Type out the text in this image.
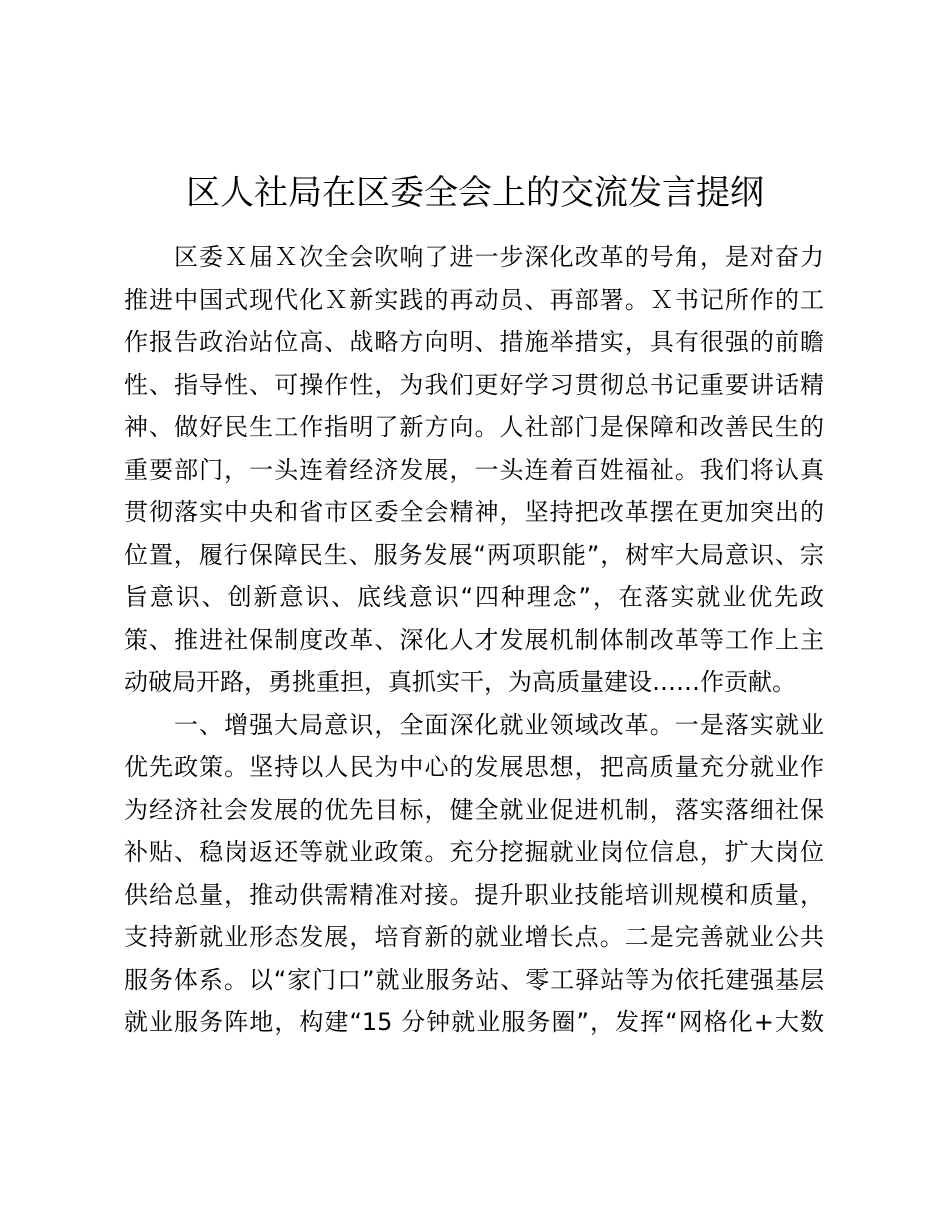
区人社局在区委全会上的交流发言提纲

区委Ｘ届Ｘ次全会吹响了进一步深化改革的号角，是对奋力
推进中国式现代化Ｘ新实践的再动员、再部署。Ｘ书记所作的工
作报告政治站位高、战略方向明、措施举措实，具有很强的前瞻
性、指导性、可操作性，为我们更好学习贯彻总书记重要讲话精
神、做好民生工作指明了新方向。人社部门是保障和改善民生的
重要部门，一头连着经济发展，一头连着百姓福祉。我们将认真
贯彻落实中央和省市区委全会精神，坚持把改革摆在更加突出的
位置，履行保障民生、服务发展“两项职能”，树牢大局意识、宗
旨意识、创新意识、底线意识“四种理念”，在落实就业优先政
策、推进社保制度改革、深化人才发展机制体制改革等工作上主
动破局开路，勇挑重担，真抓实干，为高质量建设……作贡献。

一、增强大局意识，全面深化就业领域改革。一是落实就业
优先政策。坚持以人民为中心的发展思想，把高质量充分就业作
为经济社会发展的优先目标，健全就业促进机制，落实落细社保
补贴、稳岗返还等就业政策。充分挖掘就业岗位信息，扩大岗位
供给总量，推动供需精准对接。提升职业技能培训规模和质量，
支持新就业形态发展，培育新的就业增长点。二是完善就业公共
服务体系。以“家门口”就业服务站、零工驿站等为依托建强基层
就业服务阵地，构建“15 分钟就业服务圈”，发挥“网格化+大数
